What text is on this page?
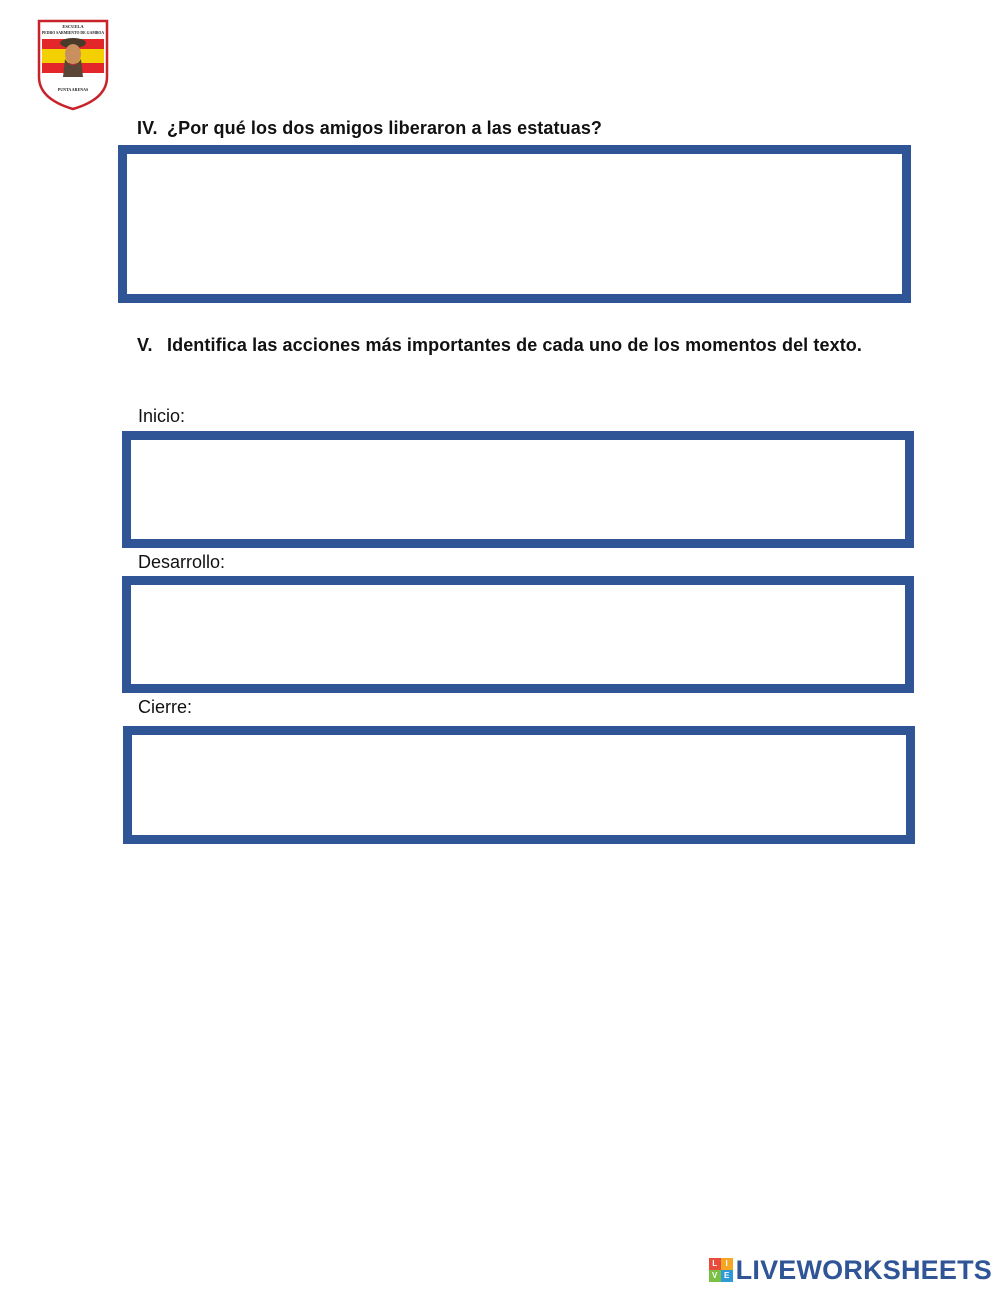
ESCUELA
PEDRO SARMIENTO DE GAMBOA
PUNTA ARENAS
IV. ¿Por qué los dos amigos liberaron a las estatuas?
V. Identifica las acciones más importantes de cada uno de los momentos del texto.
Inicio:
Desarrollo:
Cierre:
L	I
V E LIVEWORKSHEETS
